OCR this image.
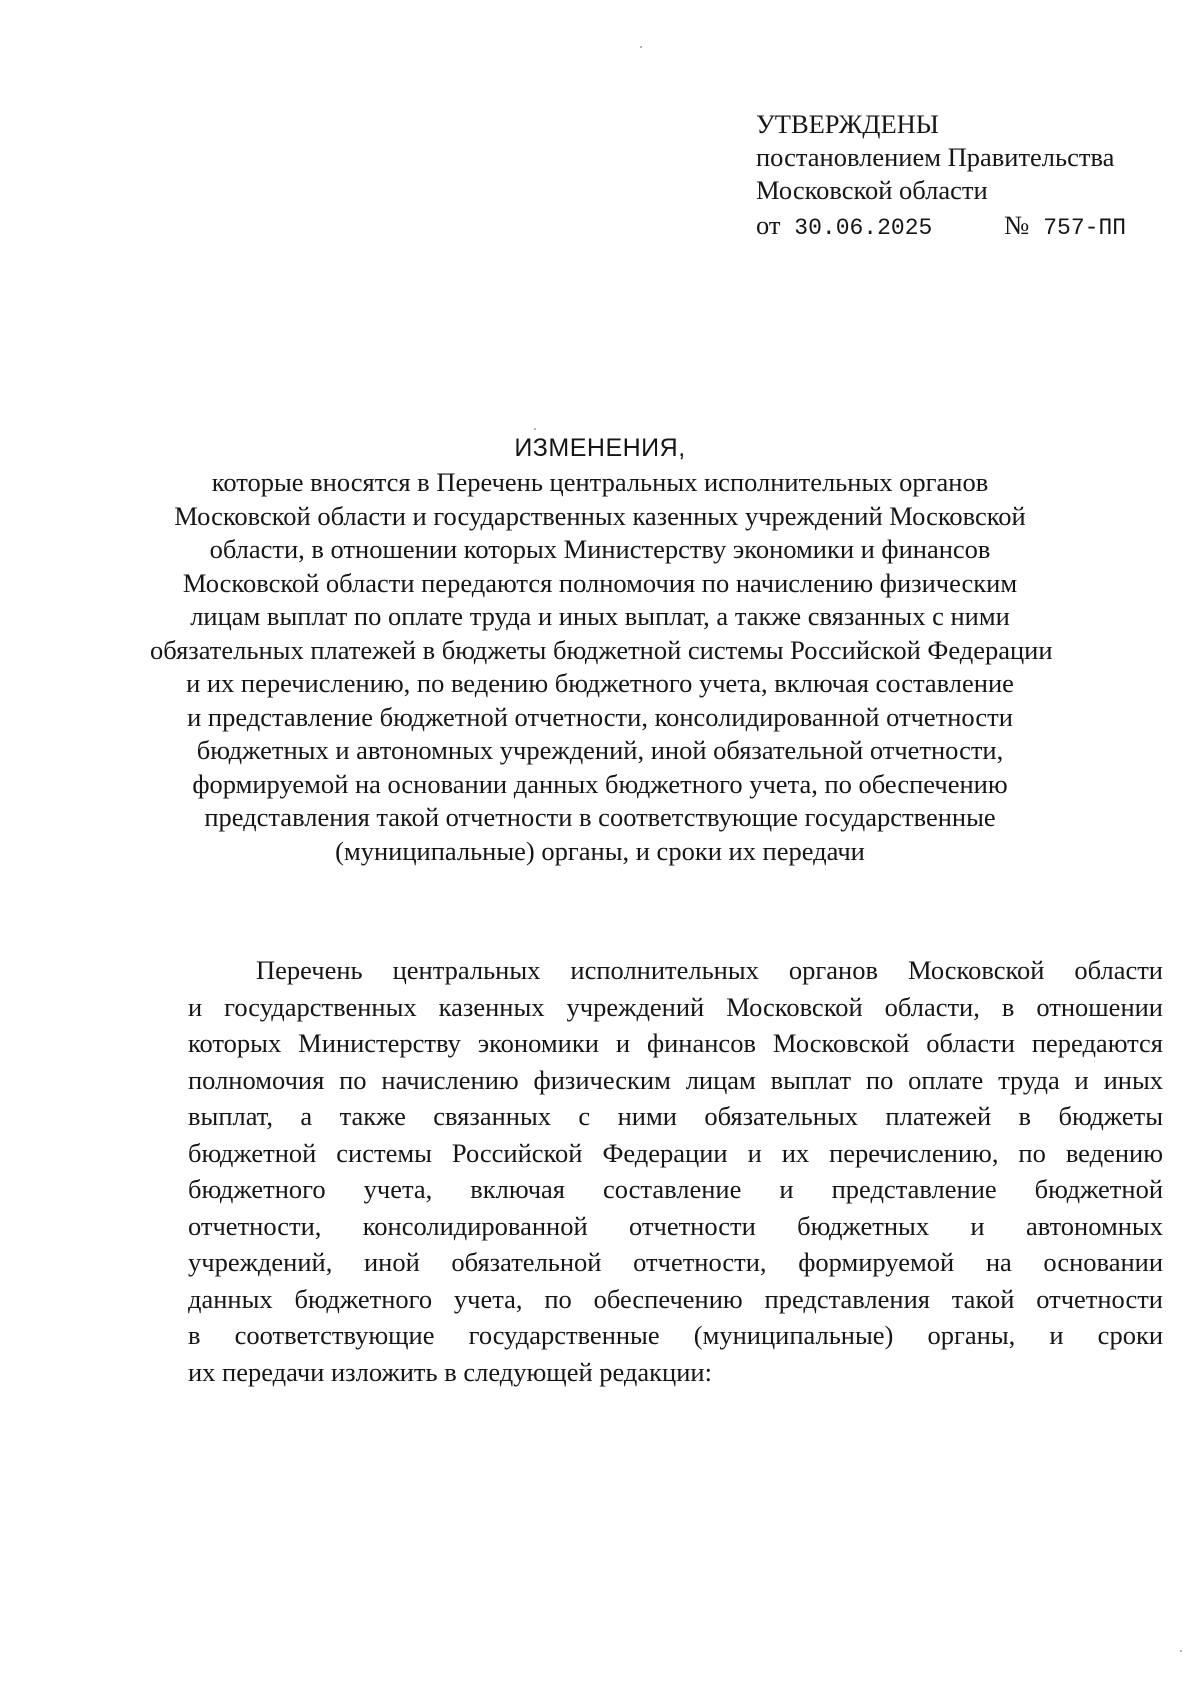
УТВЕРЖДЕНЫ
постановлением Правительства
Московской области
от 30.06.2025	№ 757-ПП
ИЗМЕНЕНИЯ,
которые вносятся в Перечень центральных исполнительных органов
Московской области и государственных казенных учреждений Московской
области, в отношении которых Министерству экономики и финансов
Московской области передаются полномочия по начислению физическим
лицам выплат по оплате труда и иных выплат, а также связанных с ними
обязательных платежей в бюджеты бюджетной системы Российской Федерации
и их перечислению, по ведению бюджетного учета, включая составление
и представление бюджетной отчетности, консолидированной отчетности
бюджетных и автономных учреждений, иной обязательной отчетности,
формируемой на основании данных бюджетного учета, по обеспечению
представления такой отчетности в соответствующие государственные
(муниципальные) органы, и сроки их передачи
Перечень центральных исполнительных органов Московской области
и государственных казенных учреждений Московской области, в отношении
которых Министерству экономики и финансов Московской области передаются
полномочия по начислению физическим лицам выплат по оплате труда и иных
выплат, а также связанных с ними обязательных платежей в бюджеты
бюджетной системы Российской Федерации и их перечислению, по ведению
бюджетного учета, включая составление и представление бюджетной
отчетности, консолидированной отчетности бюджетных и автономных
учреждений, иной обязательной отчетности, формируемой на основании
данных бюджетного учета, по обеспечению представления такой отчетности
в соответствующие государственные (муниципальные) органы, и сроки
их передачи изложить в следующей редакции:
